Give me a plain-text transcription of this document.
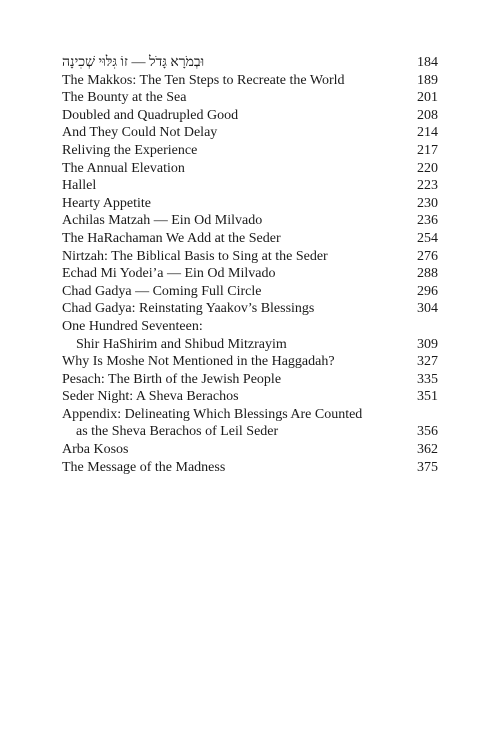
וּבְמֹרָא גָּדֹל — זוֹ גִּלּוּי שְׁכִינָה	184
The Makkos: The Ten Steps to Recreate the World	189
The Bounty at the Sea	201
Doubled and Quadrupled Good	208
And They Could Not Delay	214
Reliving the Experience	217
The Annual Elevation	220
Hallel	223
Hearty Appetite	230
Achilas Matzah — Ein Od Milvado	236
The HaRachaman We Add at the Seder	254
Nirtzah: The Biblical Basis to Sing at the Seder	276
Echad Mi Yodei’a — Ein Od Milvado	288
Chad Gadya — Coming Full Circle	296
Chad Gadya: Reinstating Yaakov’s Blessings	304
One Hundred Seventeen:
Shir HaShirim and Shibud Mitzrayim	309
Why Is Moshe Not Mentioned in the Haggadah?	327
Pesach: The Birth of the Jewish People	335
Seder Night: A Sheva Berachos	351
Appendix: Delineating Which Blessings Are Counted
as the Sheva Berachos of Leil Seder	356
Arba Kosos	362
The Message of the Madness	375
